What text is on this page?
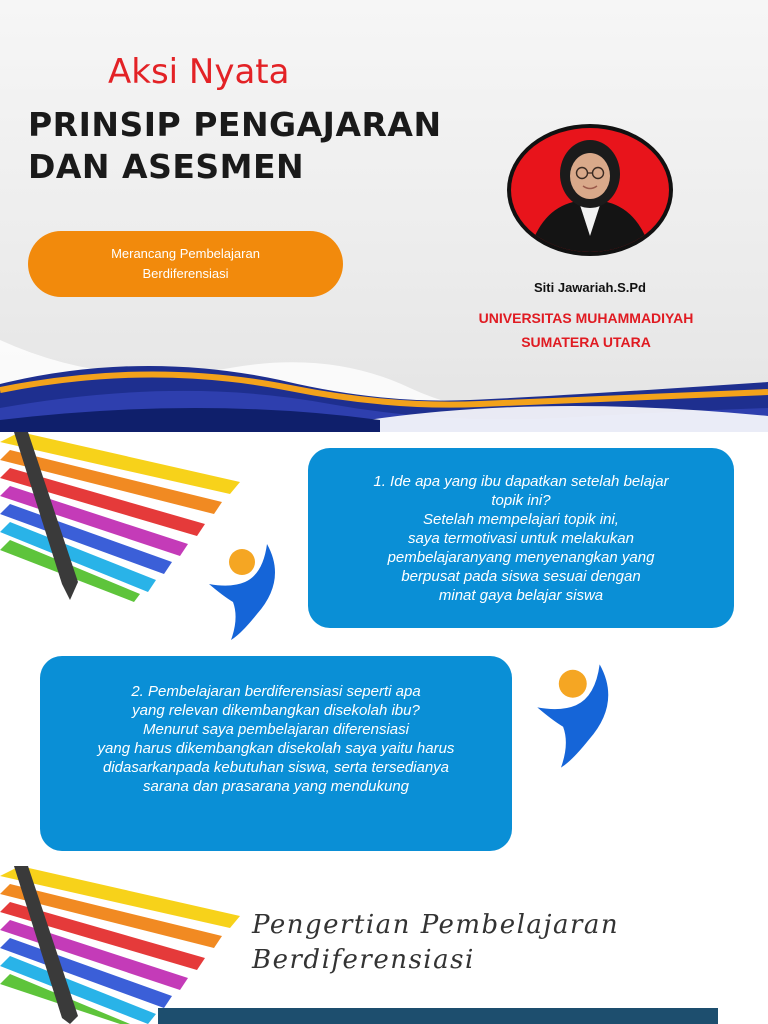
Aksi Nyata
PRINSIP PENGAJARAN
DAN ASESMEN
Merancang Pembelajaran Berdiferensiasi
Siti Jawariah.S.Pd
UNIVERSITAS MUHAMMADIYAH
SUMATERA UTARA
1. Ide apa yang ibu dapatkan setelah belajar
topik ini?
Setelah mempelajari topik ini,
saya termotivasi untuk melakukan
pembelajaranyang menyenangkan yang
berpusat pada siswa sesuai dengan
minat gaya belajar siswa
2. Pembelajaran berdiferensiasi seperti apa
yang relevan dikembangkan disekolah ibu?
Menurut saya pembelajaran diferensiasi
yang harus dikembangkan disekolah saya yaitu harus
didasarkanpada kebutuhan siswa, serta tersedianya
sarana dan prasarana yang mendukung
Pengertian Pembelajaran
Berdiferensiasi
